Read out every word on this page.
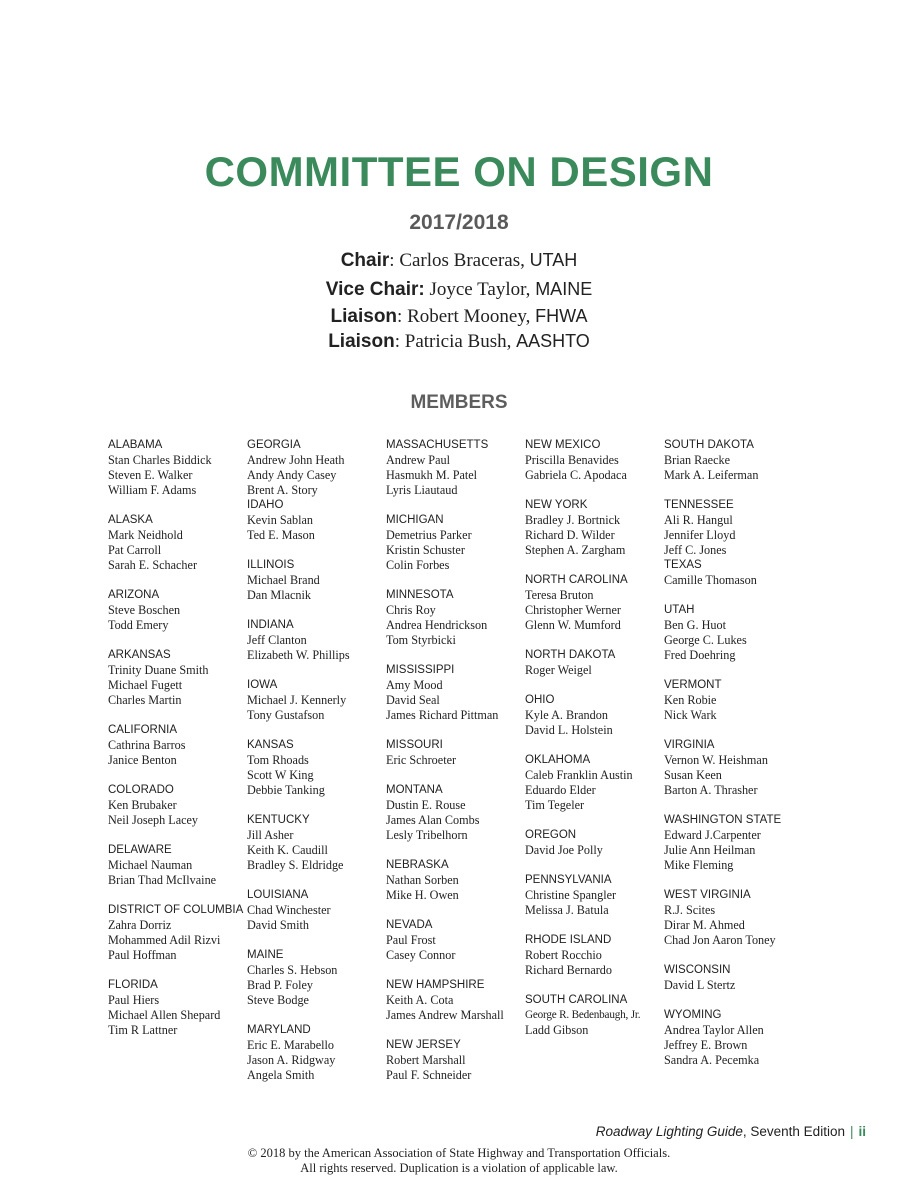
COMMITTEE ON DESIGN
2017/2018
Chair: Carlos Braceras, UTAH
Vice Chair: Joyce Taylor, MAINE
Liaison: Robert Mooney, FHWA
Liaison: Patricia Bush, AASHTO
MEMBERS
ALABAMA
Stan Charles Biddick
Steven E. Walker
William F. Adams
ALASKA
Mark Neidhold
Pat Carroll
Sarah E. Schacher
ARIZONA
Steve Boschen
Todd Emery
ARKANSAS
Trinity Duane Smith
Michael Fugett
Charles Martin
CALIFORNIA
Cathrina Barros
Janice Benton
COLORADO
Ken Brubaker
Neil Joseph Lacey
DELAWARE
Michael Nauman
Brian Thad McIlvaine
DISTRICT OF COLUMBIA
Zahra Dorriz
Mohammed Adil Rizvi
Paul Hoffman
FLORIDA
Paul Hiers
Michael Allen Shepard
Tim R Lattner
GEORGIA
Andrew John Heath
Andy Andy Casey
Brent A. Story
IDAHO
Kevin Sablan
Ted E. Mason
ILLINOIS
Michael Brand
Dan Mlacnik
INDIANA
Jeff Clanton
Elizabeth W. Phillips
IOWA
Michael J. Kennerly
Tony Gustafson
KANSAS
Tom Rhoads
Scott W King
Debbie Tanking
KENTUCKY
Jill Asher
Keith K. Caudill
Bradley S. Eldridge
LOUISIANA
Chad Winchester
David Smith
MAINE
Charles S. Hebson
Brad P. Foley
Steve Bodge
MARYLAND
Eric E. Marabello
Jason A. Ridgway
Angela Smith
MASSACHUSETTS
Andrew Paul
Hasmukh M. Patel
Lyris Liautaud
MICHIGAN
Demetrius Parker
Kristin Schuster
Colin Forbes
MINNESOTA
Chris Roy
Andrea Hendrickson
Tom Styrbicki
MISSISSIPPI
Amy Mood
David Seal
James Richard Pittman
MISSOURI
Eric Schroeter
MONTANA
Dustin E. Rouse
James Alan Combs
Lesly Tribelhorn
NEBRASKA
Nathan Sorben
Mike H. Owen
NEVADA
Paul Frost
Casey Connor
NEW HAMPSHIRE
Keith A. Cota
James Andrew Marshall
NEW JERSEY
Robert Marshall
Paul F. Schneider
NEW MEXICO
Priscilla Benavides
Gabriela C. Apodaca
NEW YORK
Bradley J. Bortnick
Richard D. Wilder
Stephen A. Zargham
NORTH CAROLINA
Teresa Bruton
Christopher Werner
Glenn W. Mumford
NORTH DAKOTA
Roger Weigel
OHIO
Kyle A. Brandon
David L. Holstein
OKLAHOMA
Caleb Franklin Austin
Eduardo Elder
Tim Tegeler
OREGON
David Joe Polly
PENNSYLVANIA
Christine Spangler
Melissa J. Batula
RHODE ISLAND
Robert Rocchio
Richard Bernardo
SOUTH CAROLINA
George R. Bedenbaugh, Jr.
Ladd Gibson
SOUTH DAKOTA
Brian Raecke
Mark A. Leiferman
TENNESSEE
Ali R. Hangul
Jennifer Lloyd
Jeff C. Jones
TEXAS
Camille Thomason
UTAH
Ben G. Huot
George C. Lukes
Fred Doehring
VERMONT
Ken Robie
Nick Wark
VIRGINIA
Vernon W. Heishman
Susan Keen
Barton A. Thrasher
WASHINGTON STATE
Edward J.Carpenter
Julie Ann Heilman
Mike Fleming
WEST VIRGINIA
R.J. Scites
Dirar M. Ahmed
Chad Jon Aaron Toney
WISCONSIN
David L Stertz
WYOMING
Andrea Taylor Allen
Jeffrey E. Brown
Sandra A. Pecemka
Roadway Lighting Guide, Seventh Edition | ii
© 2018 by the American Association of State Highway and Transportation Officials.
All rights reserved. Duplication is a violation of applicable law.
